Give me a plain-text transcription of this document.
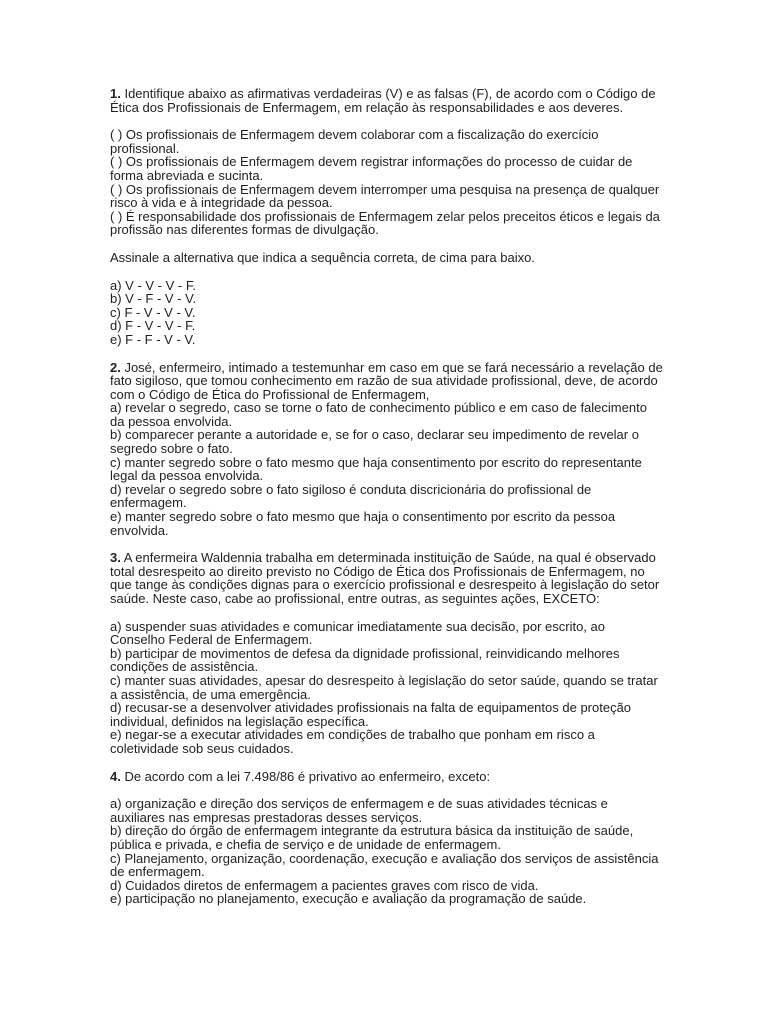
1. Identifique abaixo as afirmativas verdadeiras (V) e as falsas (F), de acordo com o Código de
Ética dos Profissionais de Enfermagem, em relação às responsabilidades e aos deveres.
( ) Os profissionais de Enfermagem devem colaborar com a fiscalização do exercício
profissional.
( ) Os profissionais de Enfermagem devem registrar informações do processo de cuidar de
forma abreviada e sucinta.
( ) Os profissionais de Enfermagem devem interromper uma pesquisa na presença de qualquer
risco à vida e à integridade da pessoa.
( ) É responsabilidade dos profissionais de Enfermagem zelar pelos preceitos éticos e legais da
profissão nas diferentes formas de divulgação.
Assinale a alternativa que indica a sequência correta, de cima para baixo.
a) V - V - V - F.
b) V - F - V - V.
c) F - V - V - V.
d) F - V - V - F.
e) F - F - V - V.
2. José, enfermeiro, intimado a testemunhar em caso em que se fará necessário a revelação de
fato sigiloso, que tomou conhecimento em razão de sua atividade profissional, deve, de acordo
com o Código de Ética do Profissional de Enfermagem,
a) revelar o segredo, caso se torne o fato de conhecimento público e em caso de falecimento
da pessoa envolvida.
b) comparecer perante a autoridade e, se for o caso, declarar seu impedimento de revelar o
segredo sobre o fato.
c) manter segredo sobre o fato mesmo que haja consentimento por escrito do representante
legal da pessoa envolvida.
d) revelar o segredo sobre o fato sigiloso é conduta discricionária do profissional de
enfermagem.
e) manter segredo sobre o fato mesmo que haja o consentimento por escrito da pessoa
envolvida.
3. A enfermeira Waldennia trabalha em determinada instituição de Saúde, na qual é observado
total desrespeito ao direito previsto no Código de Ética dos Profissionais de Enfermagem, no
que tange às condições dignas para o exercício profissional e desrespeito à legislação do setor
saúde. Neste caso, cabe ao profissional, entre outras, as seguintes ações, EXCETO:
a) suspender suas atividades e comunicar imediatamente sua decisão, por escrito, ao
Conselho Federal de Enfermagem.
b) participar de movimentos de defesa da dignidade profissional, reinvidicando melhores
condições de assistência.
c) manter suas atividades, apesar do desrespeito à legislação do setor saúde, quando se tratar
a assistência, de uma emergência.
d) recusar-se a desenvolver atividades profissionais na falta de equipamentos de proteção
individual, definidos na legislação específica.
e) negar-se a executar atividades em condições de trabalho que ponham em risco a
coletividade sob seus cuidados.
4. De acordo com a lei 7.498/86 é privativo ao enfermeiro, exceto:
a) organização e direção dos serviços de enfermagem e de suas atividades técnicas e
auxiliares nas empresas prestadoras desses serviços.
b) direção do órgão de enfermagem integrante da estrutura básica da instituição de saúde,
pública e privada, e chefia de serviço e de unidade de enfermagem.
c) Planejamento, organização, coordenação, execução e avaliação dos serviços de assistência
de enfermagem.
d) Cuidados diretos de enfermagem a pacientes graves com risco de vida.
e) participação no planejamento, execução e avaliação da programação de saúde.
